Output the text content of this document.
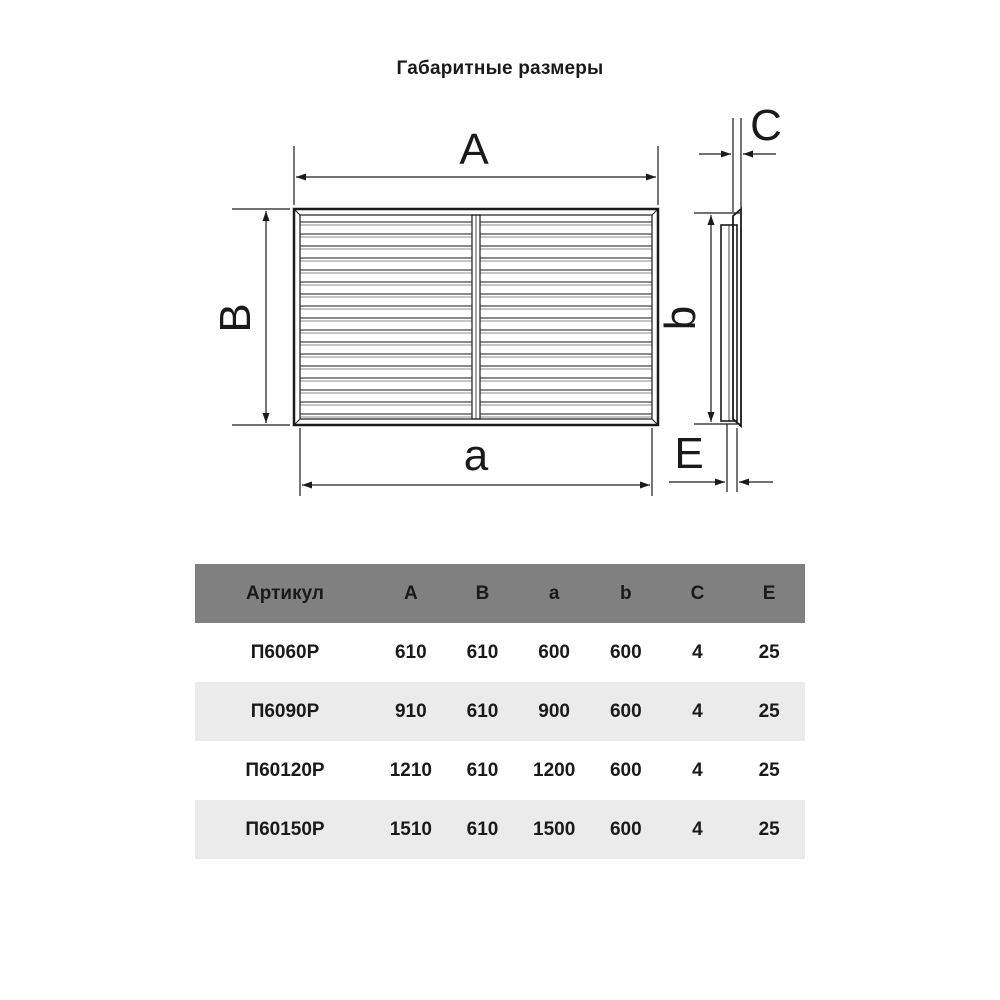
Габаритные размеры
A
a
B	b
C
E
Артикул	A	B	a	b	C	E
П6060Р	610	610	600	600	4	25
П6090Р	910	610	900	600	4	25
П60120Р	1210	610	1200	600	4	25
П60150Р	1510	610	1500	600	4	25
